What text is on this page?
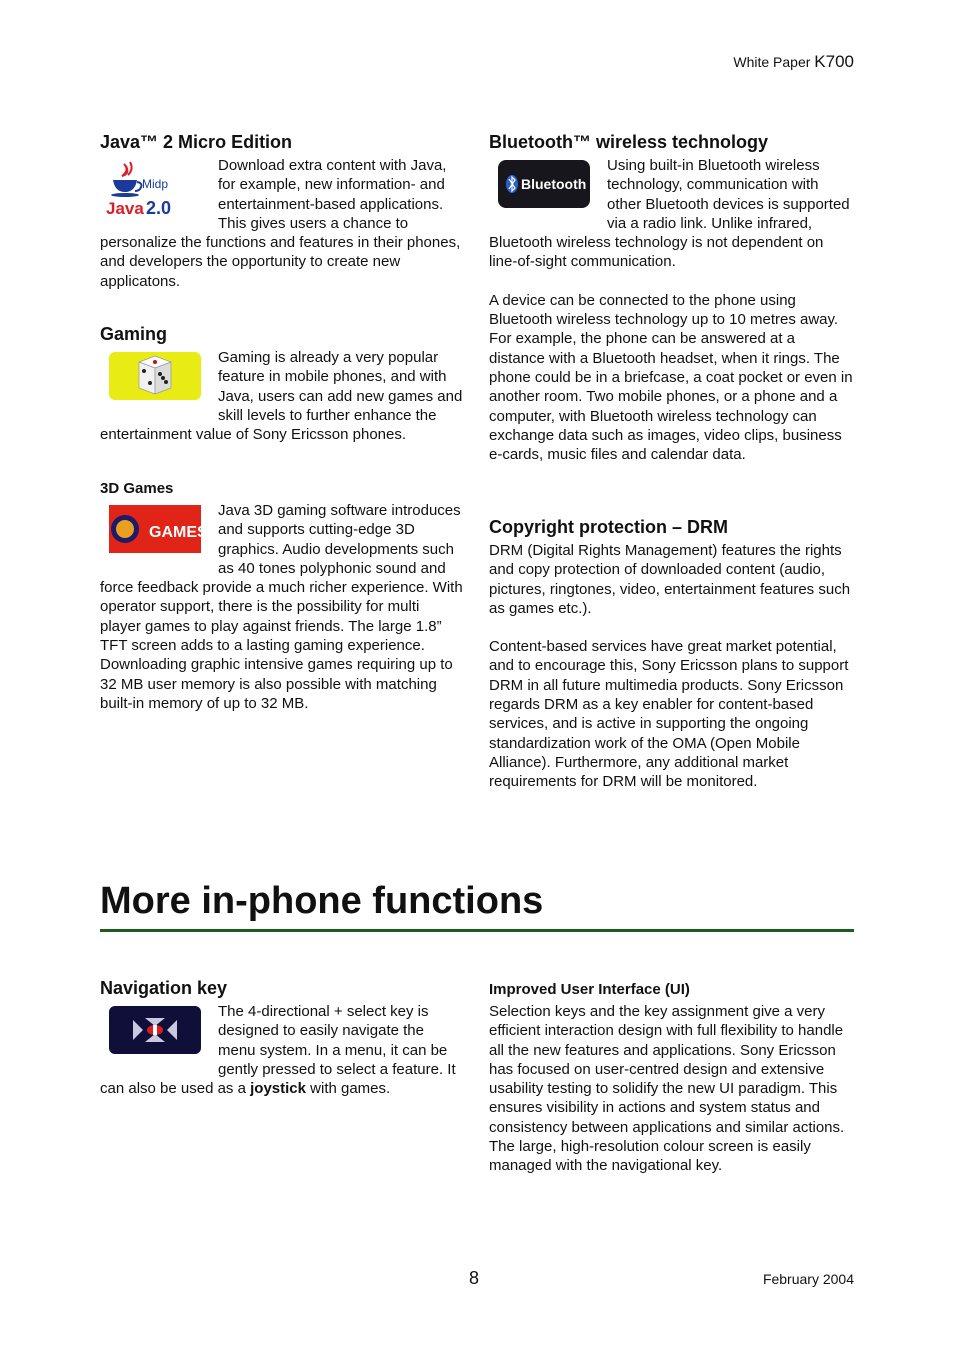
White Paper K700
Java™ 2 Micro Edition
Midp
Java 2.0

Download extra content with Java, for example, new information- and entertainment-based applications. This gives users a chance to personalize the functions and features in their phones, and developers the opportunity to create new applicatons.

Gaming

Gaming is already a very popular feature in mobile phones, and with Java, users can add new games and skill levels to further enhance the entertainment value of Sony Ericsson phones.

3D Games
GAMES

Java 3D gaming software introduces and supports cutting-edge 3D graphics. Audio developments such as 40 tones polyphonic sound and force feedback provide a much richer experience. With operator support, there is the possibility for multi player games to play against friends. The large 1.8” TFT screen adds to a lasting gaming experience. Downloading graphic intensive games requiring up to 32 MB user memory is also possible with matching built-in memory of up to 32 MB.

Bluetooth™ wireless technology
Bluetooth

Using built-in Bluetooth wireless technology, communication with other Bluetooth devices is supported via a radio link. Unlike infrared, Bluetooth wireless technology is not dependent on line-of-sight communication.

A device can be connected to the phone using Bluetooth wireless technology up to 10 metres away. For example, the phone can be answered at a distance with a Bluetooth headset, when it rings. The phone could be in a briefcase, a coat pocket or even in another room. Two mobile phones, or a phone and a computer, with Bluetooth wireless technology can exchange data such as images, video clips, business e-cards, music files and calendar data.

Copyright protection – DRM

DRM (Digital Rights Management) features the rights and copy protection of downloaded content (audio, pictures, ringtones, video, entertainment features such as games etc.).

Content-based services have great market potential, and to encourage this, Sony Ericsson plans to support DRM in all future multimedia products. Sony Ericsson regards DRM as a key enabler for content-based services, and is active in supporting the ongoing standardization work of the OMA (Open Mobile Alliance). Furthermore, any additional market requirements for DRM will be monitored.

More in-phone functions
Navigation key

The 4-directional + select key is designed to easily navigate the menu system. In a menu, it can be gently pressed to select a feature. It can also be used as a joystick with games.

Improved User Interface (UI)

Selection keys and the key assignment give a very efficient interaction design with full flexibility to handle all the new features and applications. Sony Ericsson has focused on user-centred design and extensive usability testing to solidify the new UI paradigm. This ensures visibility in actions and system status and consistency between applications and similar actions. The large, high-resolution colour screen is easily managed with the navigational key.

8	February 2004
